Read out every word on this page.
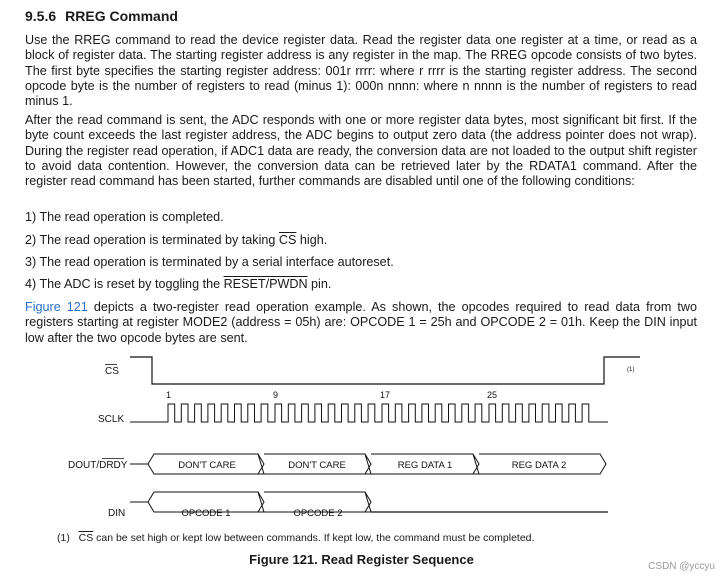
9.5.6 RREG Command
Use the RREG command to read the device register data. Read the register data one register at a time, or read as a block of register data. The starting register address is any register in the map. The RREG opcode consists of two bytes. The first byte specifies the starting register address: 001r rrrr: where r rrrr is the starting register address. The second opcode byte is the number of registers to read (minus 1): 000n nnnn: where n nnnn is the number of registers to read minus 1.
After the read command is sent, the ADC responds with one or more register data bytes, most significant bit first. If the byte count exceeds the last register address, the ADC begins to output zero data (the address pointer does not wrap). During the register read operation, if ADC1 data are ready, the conversion data are not loaded to the output shift register to avoid data contention. However, the conversion data can be retrieved later by the RDATA1 command. After the register read command has been started, further commands are disabled until one of the following conditions:
1) The read operation is completed.
2) The read operation is terminated by taking $\overline{CS}$ high.
3) The read operation is terminated by a serial interface autoreset.
4) The ADC is reset by toggling the RESET/PWDN pin.
Figure 121 depicts a two-register read operation example. As shown, the opcodes required to read data from two registers starting at register MODE2 (address = 05h) are: OPCODE 1 = 25h and OPCODE 2 = 01h. Keep the DIN input low after the two opcode bytes are sent.
CS	(1)
1	9	17	25
SCLK
DOUT/DRDY	DON'T CARE	DON'T CARE	REG DATA 1	REG DATA 2
DIN	OPCODE 1	OPCODE 2
(1) $\overline{CS}$ can be set high or kept low between commands. If kept low, the command must be completed.
Figure 121. Read Register Sequence	CSDN @yccyu
